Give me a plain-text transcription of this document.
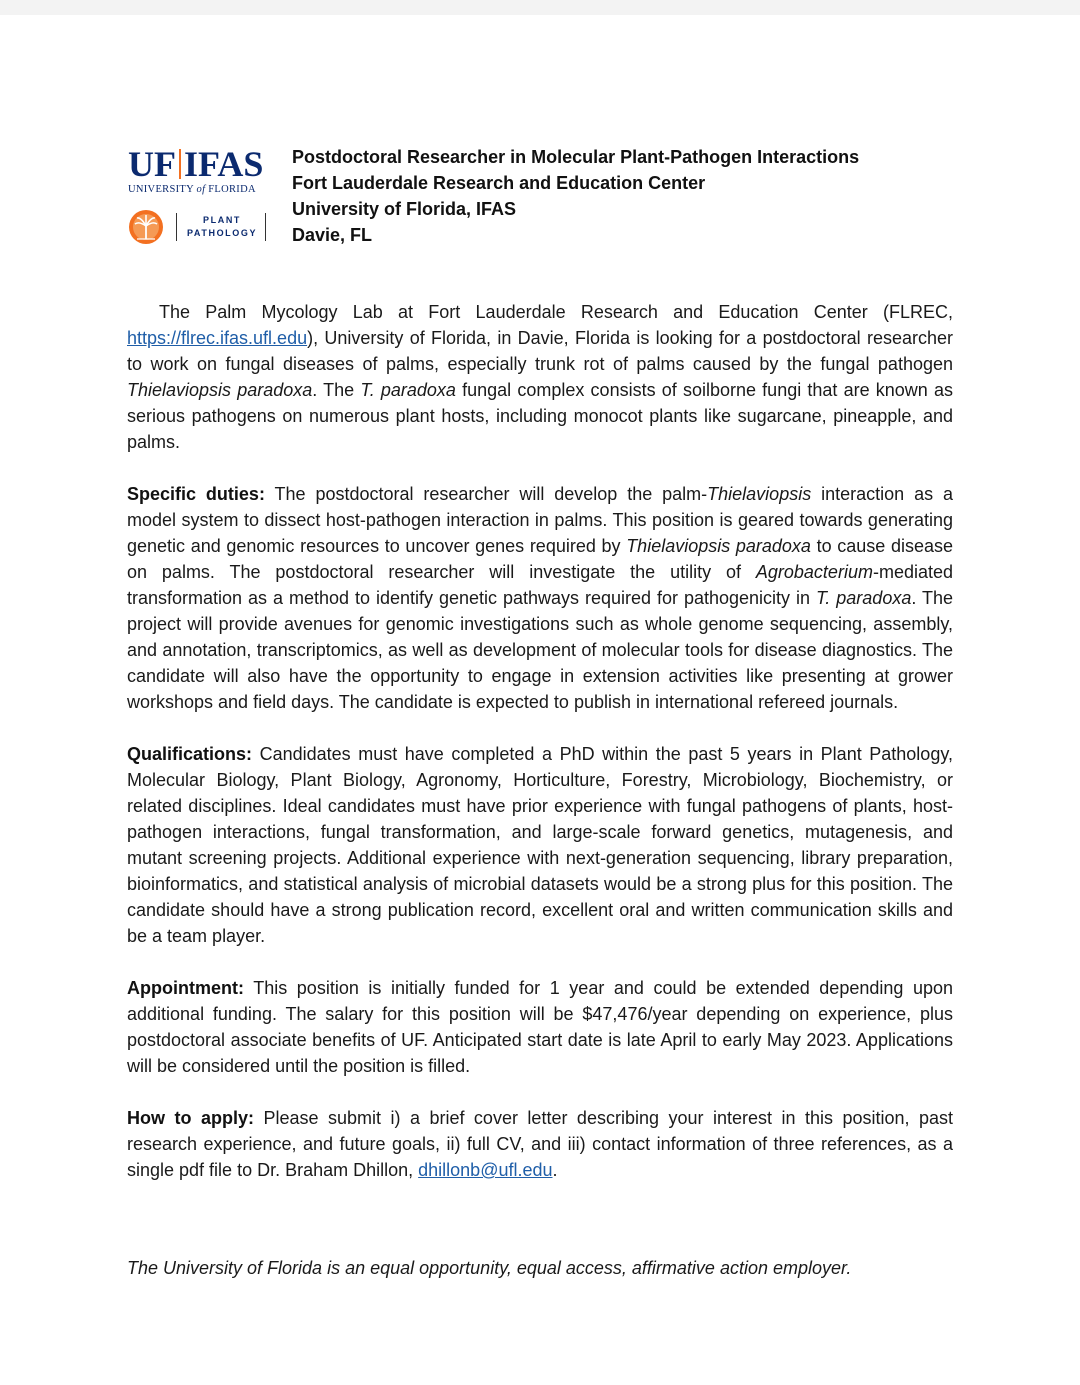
UF IFAS
UNIVERSITY of FLORIDA
PLANT
PATHOLOGY
Postdoctoral Researcher in Molecular Plant-Pathogen Interactions
Fort Lauderdale Research and Education Center
University of Florida, IFAS
Davie, FL

The Palm Mycology Lab at Fort Lauderdale Research and Education Center (FLREC, https://flrec.ifas.ufl.edu), University of Florida, in Davie, Florida is looking for a postdoctoral researcher to work on fungal diseases of palms, especially trunk rot of palms caused by the fungal pathogen Thielaviopsis paradoxa. The T. paradoxa fungal complex consists of soilborne fungi that are known as serious pathogens on numerous plant hosts, including monocot plants like sugarcane, pineapple, and palms.

Specific duties: The postdoctoral researcher will develop the palm-Thielaviopsis interaction as a model system to dissect host-pathogen interaction in palms. This position is geared towards generating genetic and genomic resources to uncover genes required by Thielaviopsis paradoxa to cause disease on palms. The postdoctoral researcher will investigate the utility of Agrobacterium-mediated transformation as a method to identify genetic pathways required for pathogenicity in T. paradoxa. The project will provide avenues for genomic investigations such as whole genome sequencing, assembly, and annotation, transcriptomics, as well as development of molecular tools for disease diagnostics. The candidate will also have the opportunity to engage in extension activities like presenting at grower workshops and field days. The candidate is expected to publish in international refereed journals.

Qualifications: Candidates must have completed a PhD within the past 5 years in Plant Pathology, Molecular Biology, Plant Biology, Agronomy, Horticulture, Forestry, Microbiology, Biochemistry, or related disciplines. Ideal candidates must have prior experience with fungal pathogens of plants, host-pathogen interactions, fungal transformation, and large-scale forward genetics, mutagenesis, and mutant screening projects. Additional experience with next-generation sequencing, library preparation, bioinformatics, and statistical analysis of microbial datasets would be a strong plus for this position. The candidate should have a strong publication record, excellent oral and written communication skills and be a team player.

Appointment: This position is initially funded for 1 year and could be extended depending upon additional funding. The salary for this position will be $47,476/year depending on experience, plus postdoctoral associate benefits of UF. Anticipated start date is late April to early May 2023. Applications will be considered until the position is filled.

How to apply: Please submit i) a brief cover letter describing your interest in this position, past research experience, and future goals, ii) full CV, and iii) contact information of three references, as a single pdf file to Dr. Braham Dhillon, dhillonb@ufl.edu.

The University of Florida is an equal opportunity, equal access, affirmative action employer.
